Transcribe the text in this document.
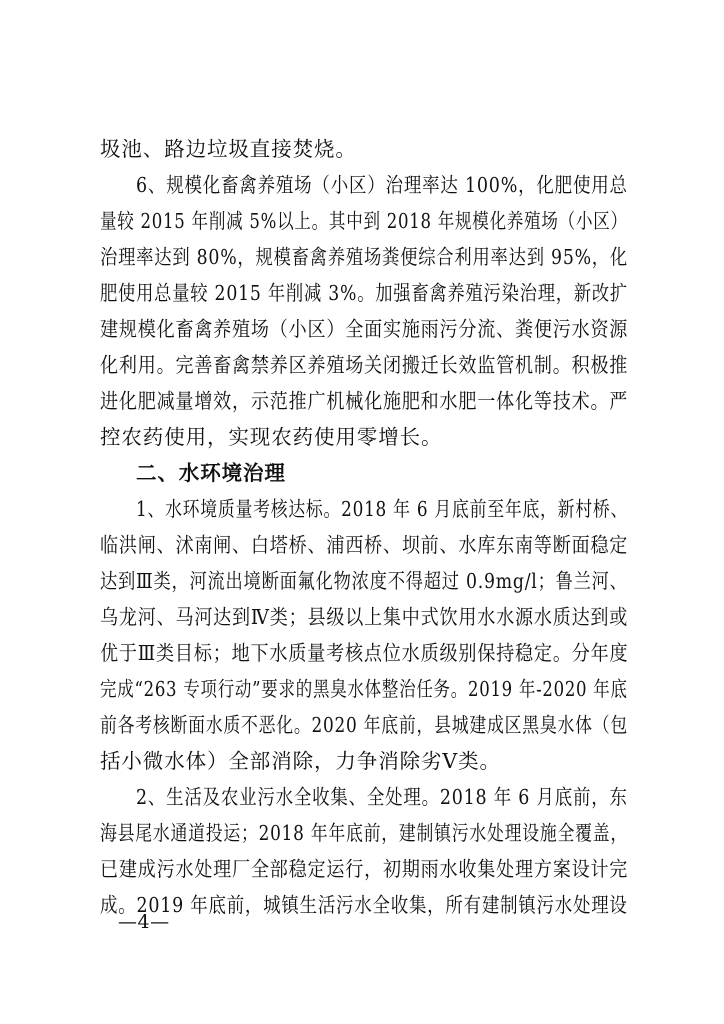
圾池、路边垃圾直接焚烧。
6、规模化畜禽养殖场（小区）治理率达 100%，化肥使用总
量较 2015 年削减 5%以上。其中到 2018 年规模化养殖场（小区）
治理率达到 80%，规模畜禽养殖场粪便综合利用率达到 95%，化
肥使用总量较 2015 年削减 3%。加强畜禽养殖污染治理，新改扩
建规模化畜禽养殖场（小区）全面实施雨污分流、粪便污水资源
化利用。完善畜禽禁养区养殖场关闭搬迁长效监管机制。积极推
进化肥减量增效，示范推广机械化施肥和水肥一体化等技术。严
控农药使用，实现农药使用零增长。
二、水环境治理
1、水环境质量考核达标。2018 年 6 月底前至年底，新村桥、
临洪闸、沭南闸、白塔桥、浦西桥、坝前、水库东南等断面稳定
达到Ⅲ类，河流出境断面氟化物浓度不得超过 0.9mg/l；鲁兰河、
乌龙河、马河达到Ⅳ类；县级以上集中式饮用水水源水质达到或
优于Ⅲ类目标；地下水质量考核点位水质级别保持稳定。分年度
完成“263 专项行动”要求的黑臭水体整治任务。2019 年-2020 年底
前各考核断面水质不恶化。2020 年底前，县城建成区黑臭水体（包
括小微水体）全部消除，力争消除劣Ⅴ类。
2、生活及农业污水全收集、全处理。2018 年 6 月底前，东
海县尾水通道投运；2018 年年底前，建制镇污水处理设施全覆盖，
已建成污水处理厂全部稳定运行，初期雨水收集处理方案设计完
成。2019 年底前，城镇生活污水全收集，所有建制镇污水处理设
—4—
